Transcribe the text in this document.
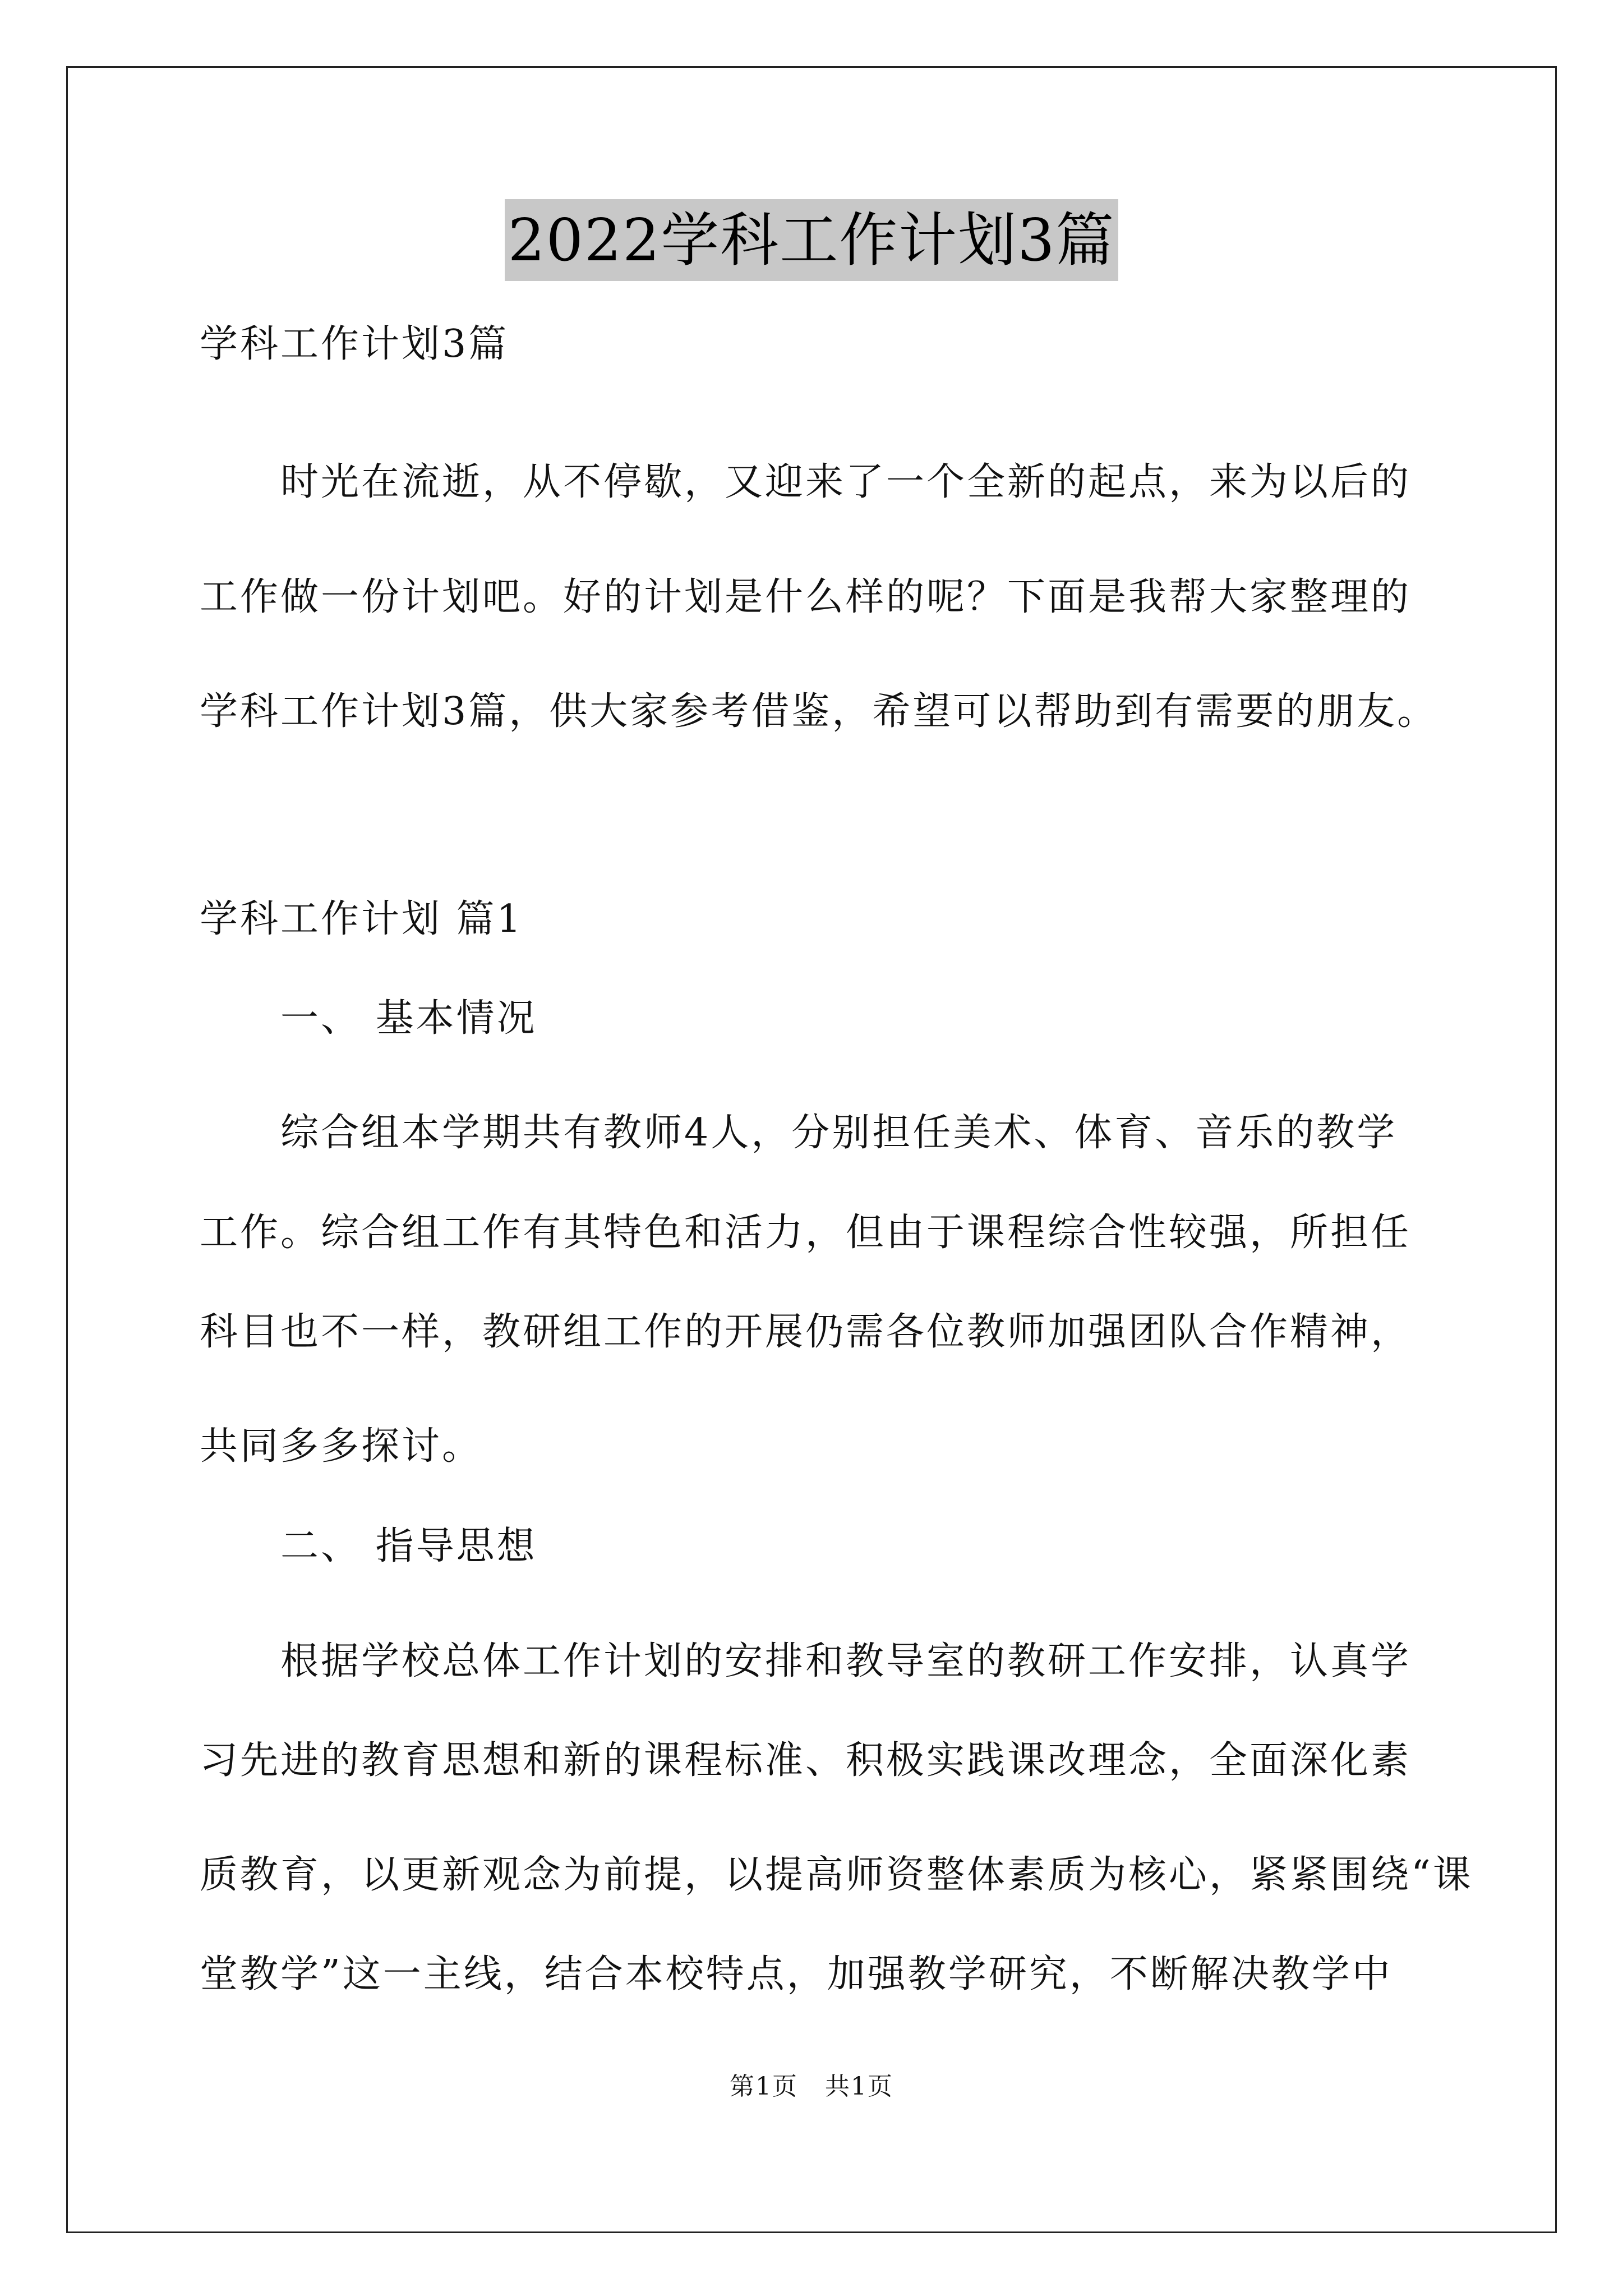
2022学科工作计划3篇
学科工作计划3篇
时光在流逝，从不停歇，又迎来了一个全新的起点，来为以后的
工作做一份计划吧。好的计划是什么样的呢？下面是我帮大家整理的
学科工作计划3篇，供大家参考借鉴，希望可以帮助到有需要的朋友。
学科工作计划 篇1
一、 基本情况
综合组本学期共有教师4人，分别担任美术、体育、音乐的教学
工作。综合组工作有其特色和活力，但由于课程综合性较强，所担任
科目也不一样，教研组工作的开展仍需各位教师加强团队合作精神，
共同多多探讨。
二、 指导思想
根据学校总体工作计划的安排和教导室的教研工作安排，认真学
习先进的教育思想和新的课程标准、积极实践课改理念，全面深化素
质教育，以更新观念为前提，以提高师资整体素质为核心，紧紧围绕“课
堂教学”这一主线，结合本校特点，加强教学研究，不断解决教学中
第1页   共1页
